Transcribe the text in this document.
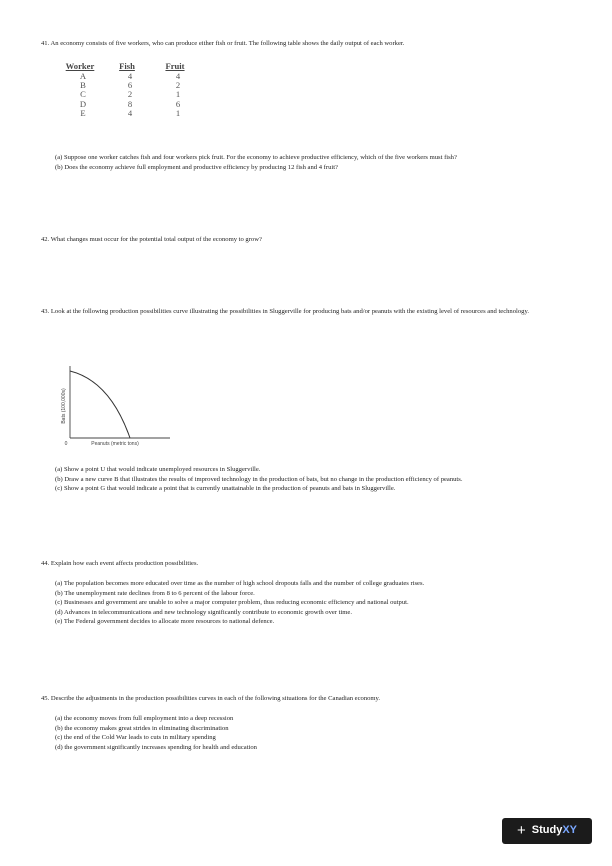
41. An economy consists of five workers, who can produce either fish or fruit. The following table shows the daily output of each worker.
Worker	Fish	Fruit
A	4	4
B	6	2
C	2	1
D	8	6
E	4	1
(a) Suppose one worker catches fish and four workers pick fruit. For the economy to achieve productive efficiency, which of the five workers must fish?
(b) Does the economy achieve full employment and productive efficiency by producing 12 fish and 4 fruit?
42. What changes must occur for the potential total output of the economy to grow?
43. Look at the following production possibilities curve illustrating the possibilities in Sluggerville for producing bats and/or peanuts with the existing level of resources and technology.
Bats (100,000s)
0	Peanuts (metric tons)
(a) Show a point U that would indicate unemployed resources in Sluggerville.
(b) Draw a new curve B that illustrates the results of improved technology in the production of bats, but no change in the production efficiency of peanuts.
(c) Show a point G that would indicate a point that is currently unattainable in the production of peanuts and bats in Sluggerville.
44. Explain how each event affects production possibilities.
(a) The population becomes more educated over time as the number of high school dropouts falls and the number of college graduates rises.
(b) The unemployment rate declines from 8 to 6 percent of the labour force.
(c) Businesses and government are unable to solve a major computer problem, thus reducing economic efficiency and national output.
(d) Advances in telecommunications and new technology significantly contribute to economic growth over time.
(e) The Federal government decides to allocate more resources to national defence.
45. Describe the adjustments in the production possibilities curves in each of the following situations for the Canadian economy.
(a) the economy moves from full employment into a deep recession
(b) the economy makes great strides in eliminating discrimination
(c) the end of the Cold War leads to cuts in military spending
(d) the government significantly increases spending for health and education
+ StudyXY
